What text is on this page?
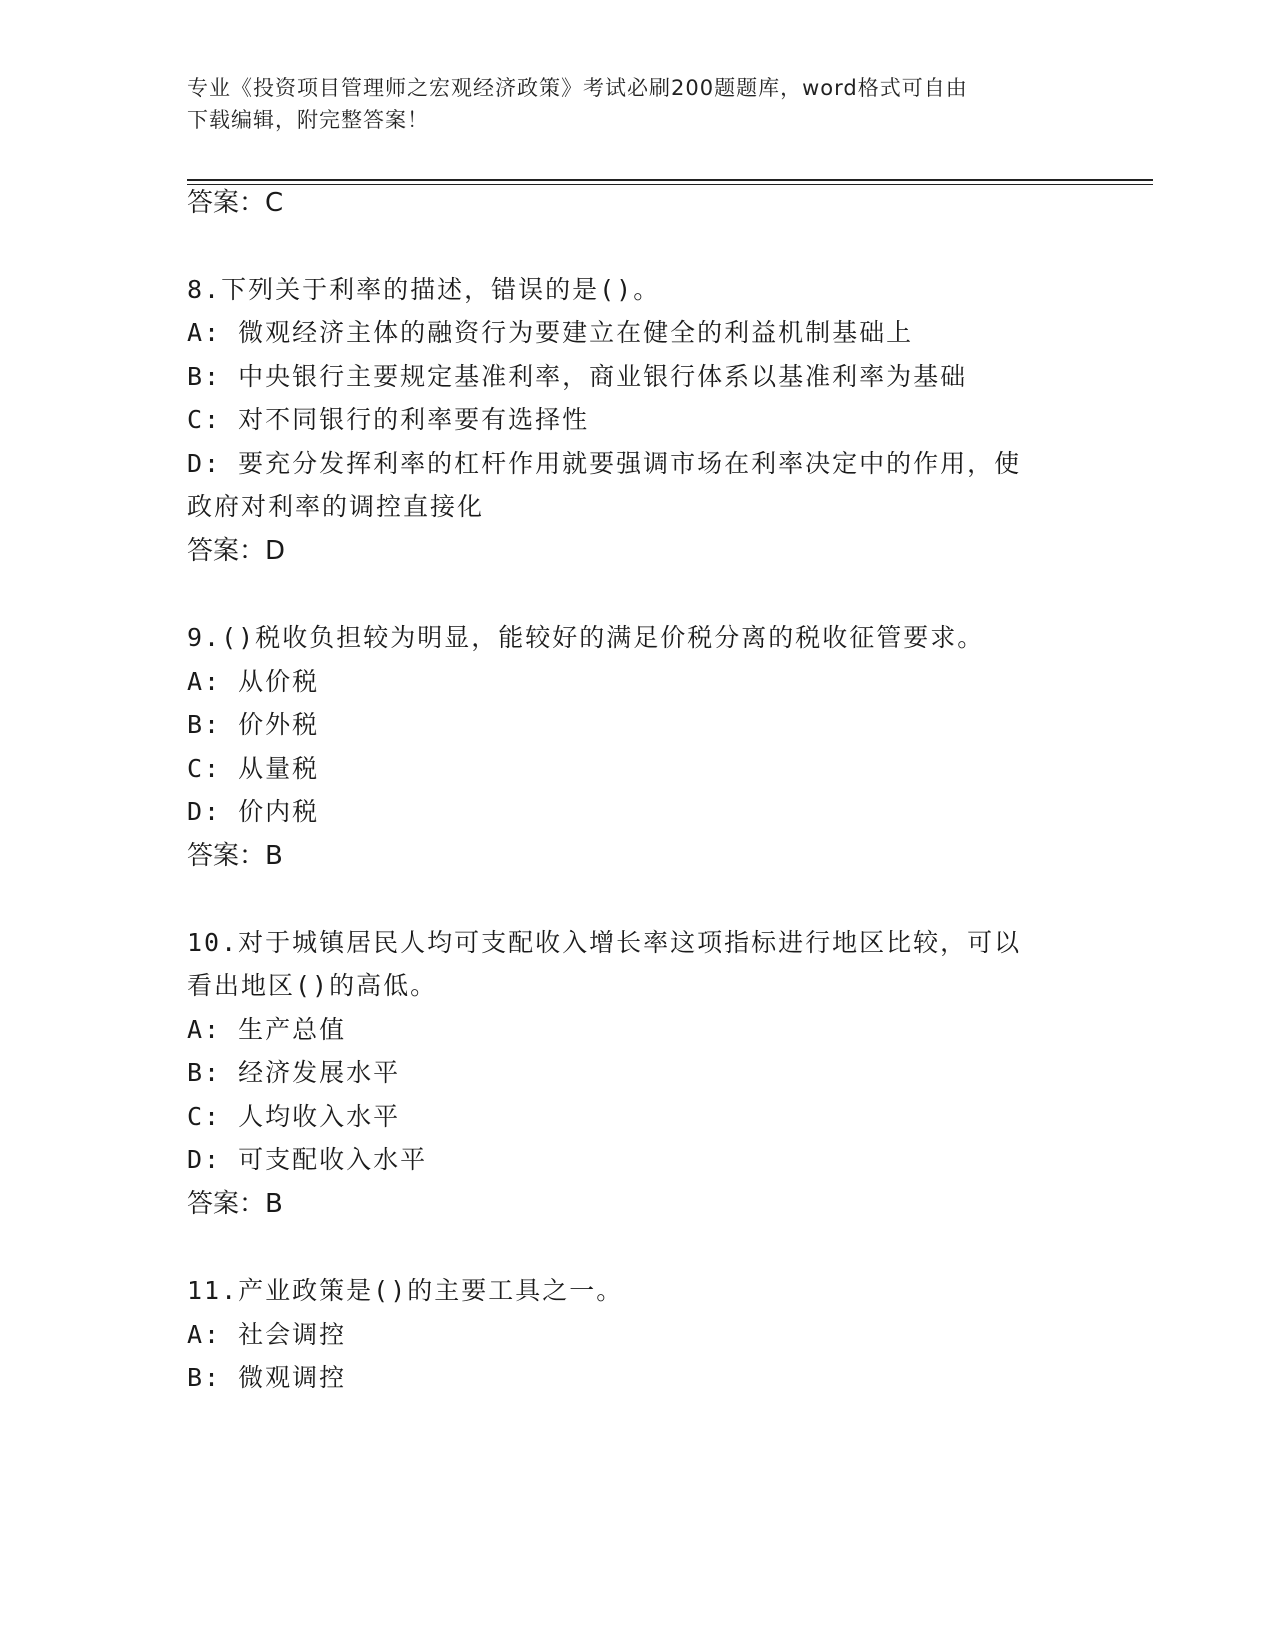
专业《投资项目管理师之宏观经济政策》考试必刷200题题库，word格式可自由
下载编辑，附完整答案！
答案：C
8.下列关于利率的描述，错误的是()。
A: 微观经济主体的融资行为要建立在健全的利益机制基础上
B: 中央银行主要规定基准利率，商业银行体系以基准利率为基础
C: 对不同银行的利率要有选择性
D: 要充分发挥利率的杠杆作用就要强调市场在利率决定中的作用，使
政府对利率的调控直接化
答案：D
9.()税收负担较为明显，能较好的满足价税分离的税收征管要求。
A: 从价税
B: 价外税
C: 从量税
D: 价内税
答案：B
10.对于城镇居民人均可支配收入增长率这项指标进行地区比较，可以
看出地区()的高低。
A: 生产总值
B: 经济发展水平
C: 人均收入水平
D: 可支配收入水平
答案：B
11.产业政策是()的主要工具之一。
A: 社会调控
B: 微观调控
